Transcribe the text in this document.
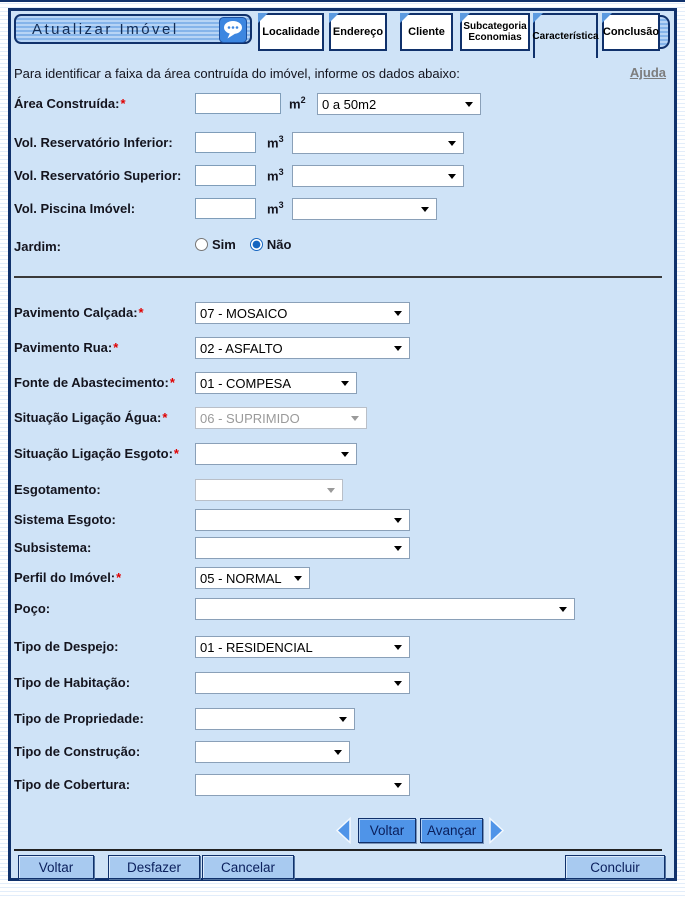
Atualizar Imóvel	Localidade Endereço Cliente Subcategoria Economias	Característica Conclusão
Para identificar a faixa da área contruída do imóvel, informe os dados abaixo:	Ajuda
Área Construída:*	$m^2$	0 a 50m2
Vol. Reservatório Inferior:	$m^3$
Vol. Reservatório Superior:	$m^3$
Vol. Piscina Imóvel:	$m^3$
Jardim:	Sim Não
Pavimento Calçada:*	07 - MOSAICO
Pavimento Rua:*	02 - ASFALTO
Fonte de Abastecimento:*	01 - COMPESA
Situação Ligação Água:*	06 - SUPRIMIDO
Situação Ligação Esgoto:*
Esgotamento:
Sistema Esgoto:
Subsistema:
Perfil do Imóvel:*	05 - NORMAL
Poço:
Tipo de Despejo:	01 - RESIDENCIAL
Tipo de Habitação:
Tipo de Propriedade:
Tipo de Construção:
Tipo de Cobertura:
Voltar	Avançar
Voltar	Desfazer	Cancelar	Concluir
